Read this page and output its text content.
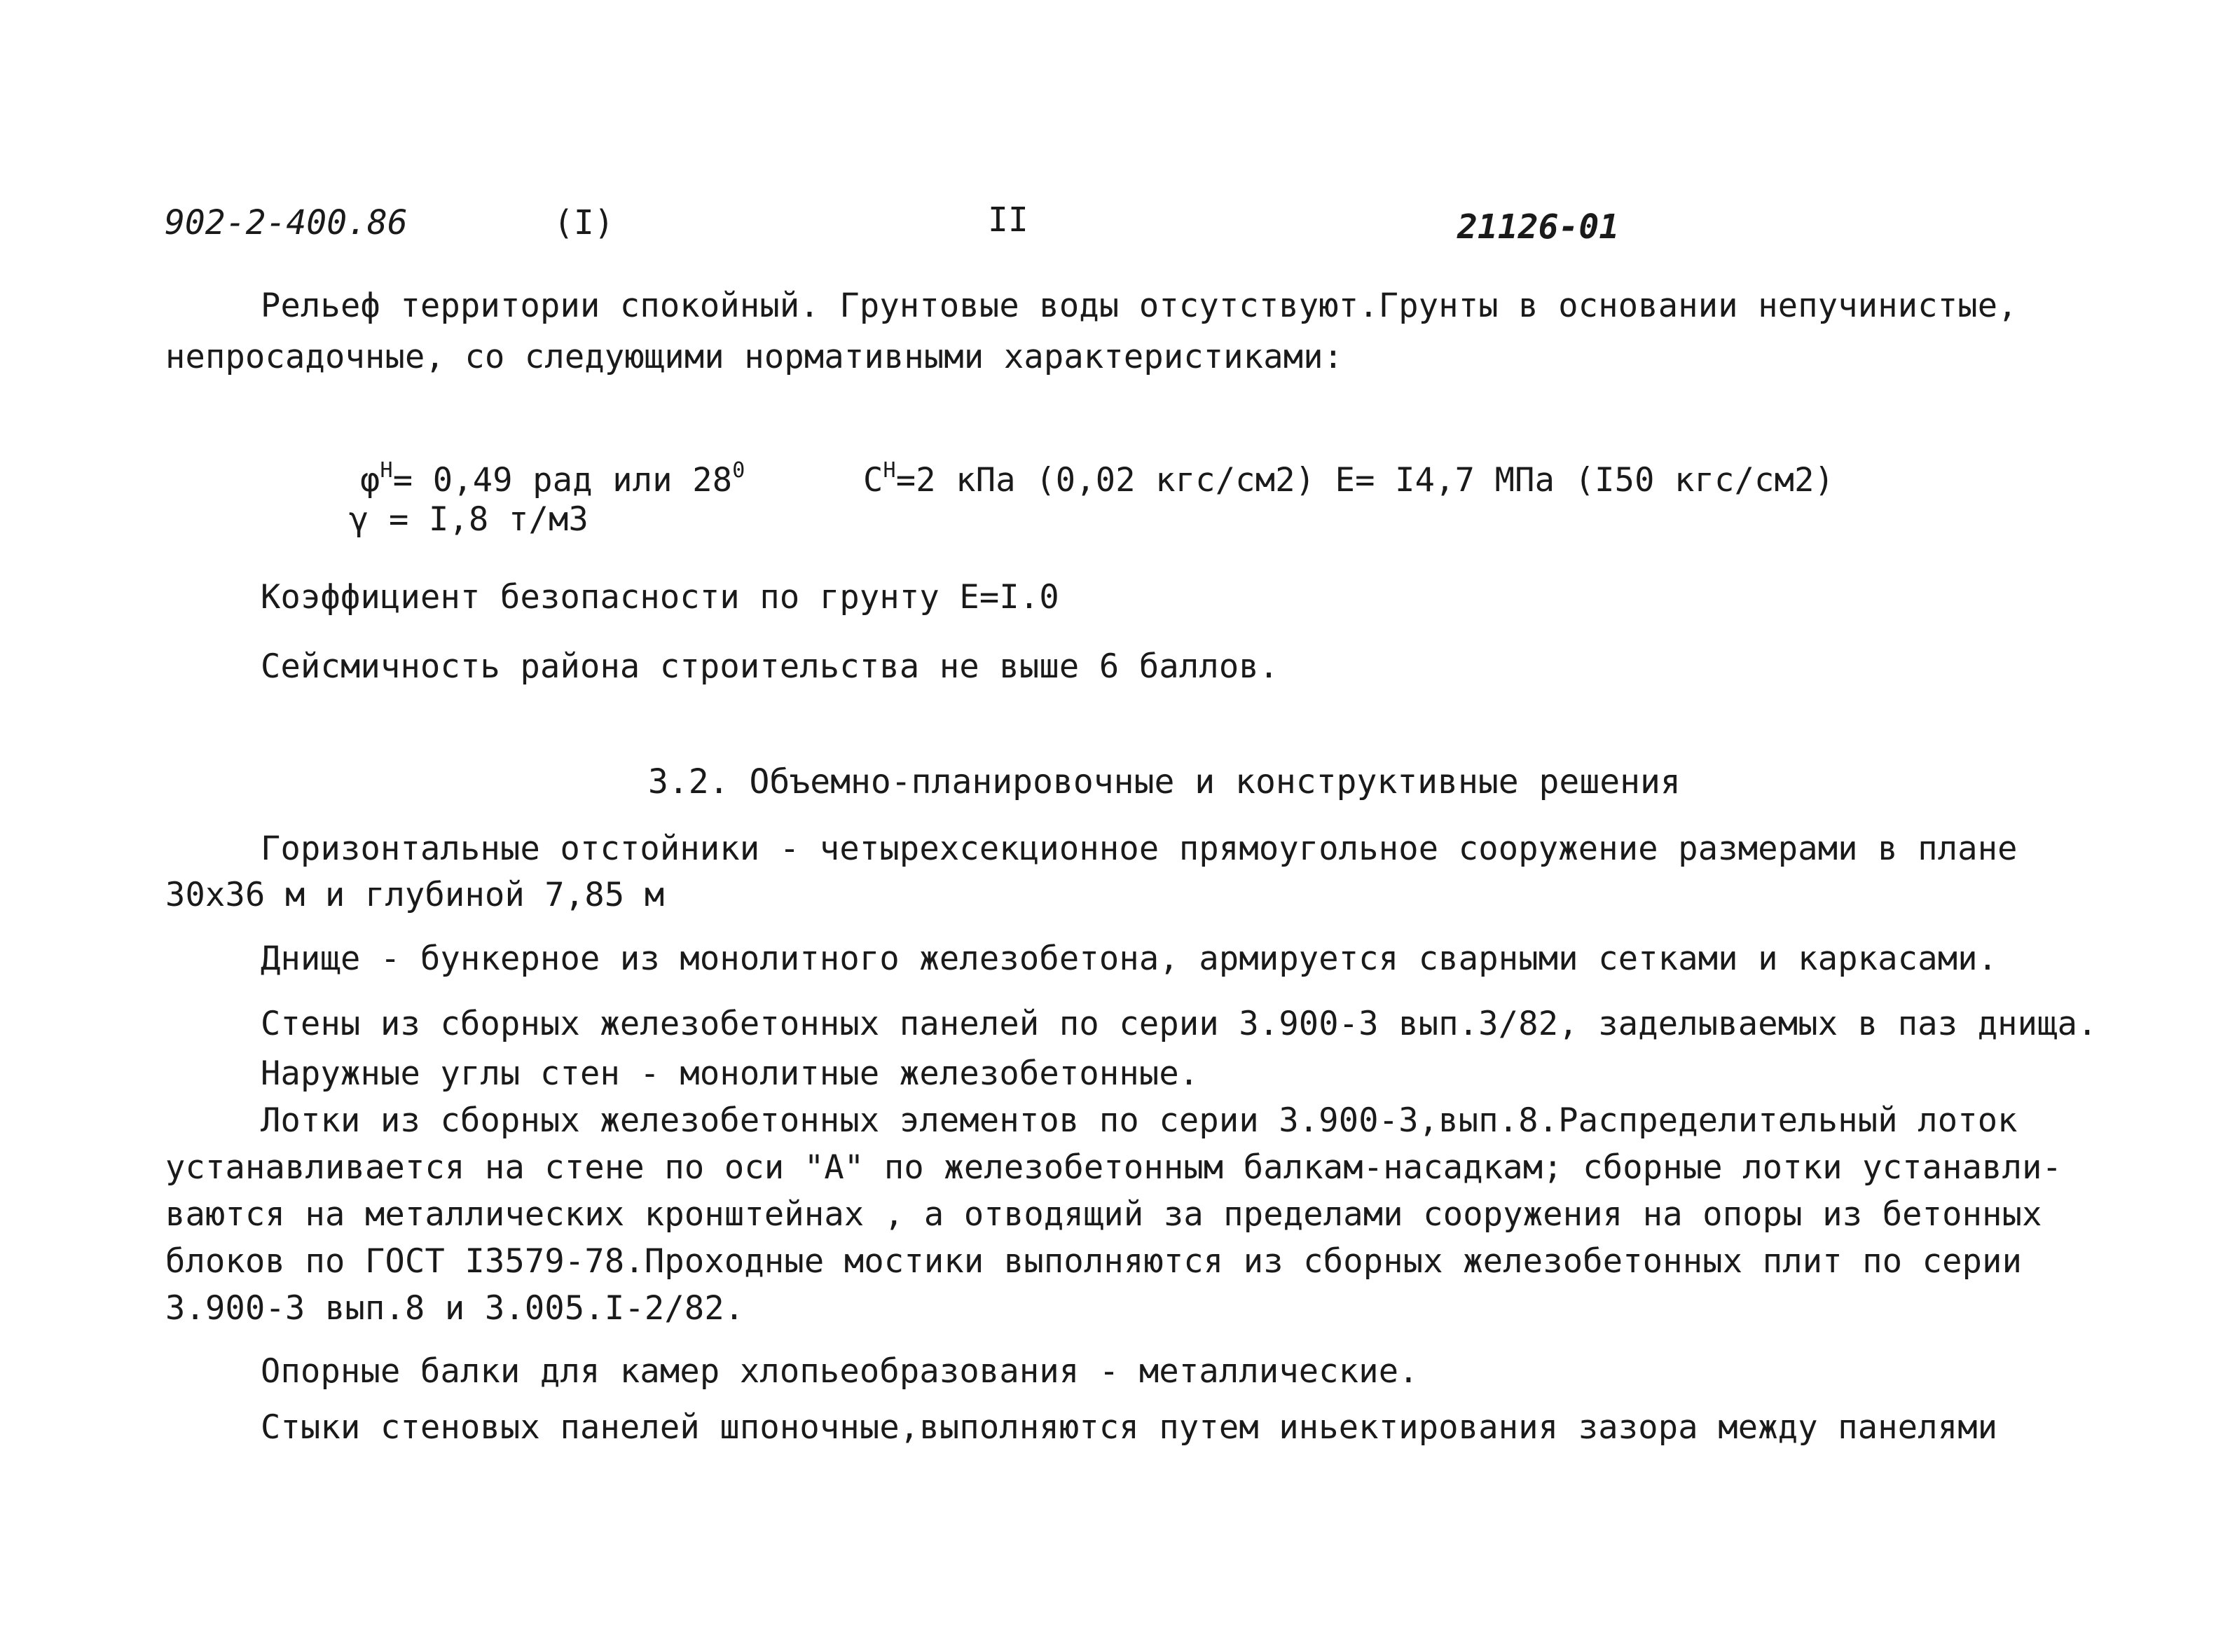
902-2-400.86	(I)	II	21126-01
Рельеф территории спокойный. Грунтовые воды отсутствуют.Грунты в основании непучинистые,
непросадочные, со следующими нормативными характеристиками:

$\varphi^H= 0,49$ рад или $28^0$
	$C^H=2$ кПа (0,02 кгс/см2) E= I4,7 МПа (I50 кгс/см2)

γ = I,8 т/м3
Коэффициент безопасности по грунту E=I.0
Сейсмичность района строительства не выше 6 баллов.
3.2. Объемно-планировочные и конструктивные решения
Горизонтальные отстойники - четырехсекционное прямоугольное сооружение размерами в плане
30x36 м и глубиной 7,85 м
Днище - бункерное из монолитного железобетона, армируется сварными сетками и каркасами.
Стены из сборных железобетонных панелей по серии 3.900-3 вып.3/82, заделываемых в паз днища.
Наружные углы стен - монолитные железобетонные.
Лотки из сборных железобетонных элементов по серии 3.900-3,вып.8.Распределительный лоток
устанавливается на стене по оси "А" по железобетонным балкам-насадкам; сборные лотки устанавли-
ваются на металлических кронштейнах , а отводящий за пределами сооружения на опоры из бетонных
блоков по ГОСТ I3579-78.Проходные мостики выполняются из сборных железобетонных плит по серии
3.900-3 вып.8 и 3.005.I-2/82.
Опорные балки для камер хлопьеобразования - металлические.
Стыки стеновых панелей шпоночные,выполняются путем иньектирования зазора между панелями
